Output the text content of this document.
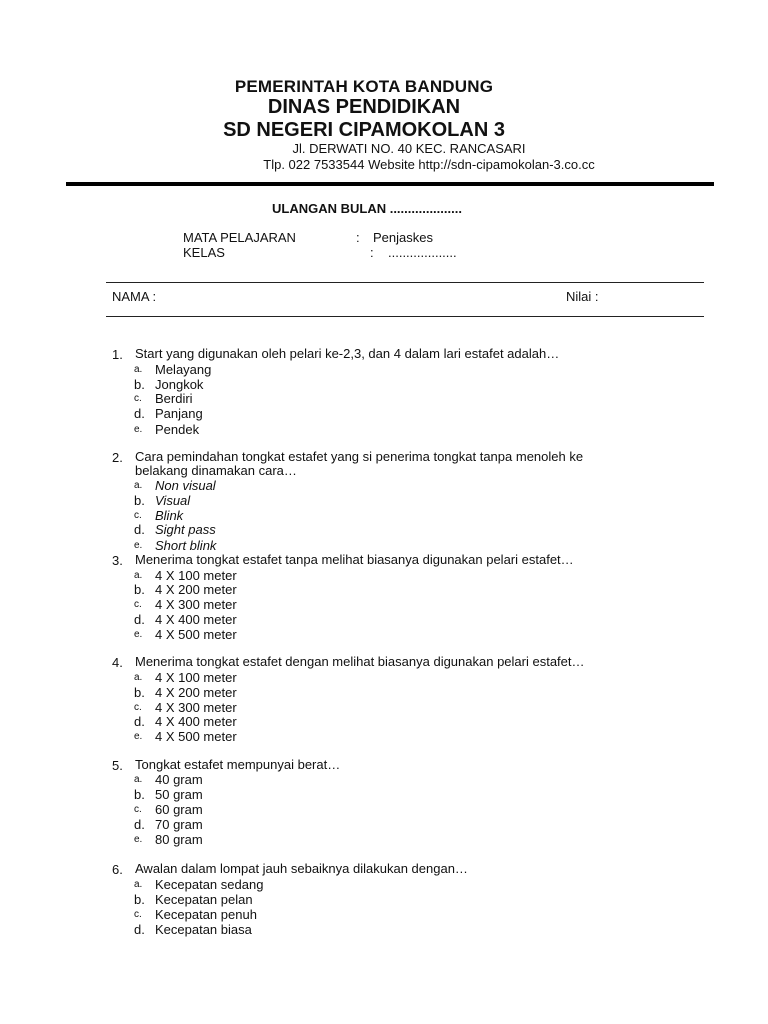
PEMERINTAH KOTA BANDUNG
DINAS PENDIDIKAN
SD NEGERI CIPAMOKOLAN 3
Jl. DERWATI NO. 40 KEC. RANCASARI
Tlp. 022 7533544 Website http://sdn-cipamokolan-3.co.cc
ULANGAN BULAN ....................
MATA PELAJARAN	: Penjaskes
KELAS	: ...................
NAMA :	Nilai :
1. Start yang digunakan oleh pelari ke-2,3, dan 4 dalam lari estafet adalah…
a. Melayang
b. Jongkok
c.	Berdiri
d. Panjang
e. Pendek
2. Cara pemindahan tongkat estafet yang si penerima tongkat tanpa menoleh ke belakang dinamakan cara…
a. Non visual
b. Visual
c.	Blink
d. Sight pass
e. Short blink
3. Menerima tongkat estafet tanpa melihat biasanya digunakan pelari estafet…
a. 4 X 100 meter
b. 4 X 200 meter
c.	4 X 300 meter
d. 4 X 400 meter
e. 4 X 500 meter
4. Menerima tongkat estafet dengan melihat biasanya digunakan pelari estafet…
a. 4 X 100 meter
b. 4 X 200 meter
c.	4 X 300 meter
d. 4 X 400 meter
e. 4 X 500 meter
5. Tongkat estafet mempunyai berat…
a. 40 gram
b. 50 gram
c.	60 gram
d. 70 gram
e. 80 gram
6. Awalan dalam lompat jauh sebaiknya dilakukan dengan…
a. Kecepatan sedang
b. Kecepatan pelan
c.	Kecepatan penuh
d. Kecepatan biasa
